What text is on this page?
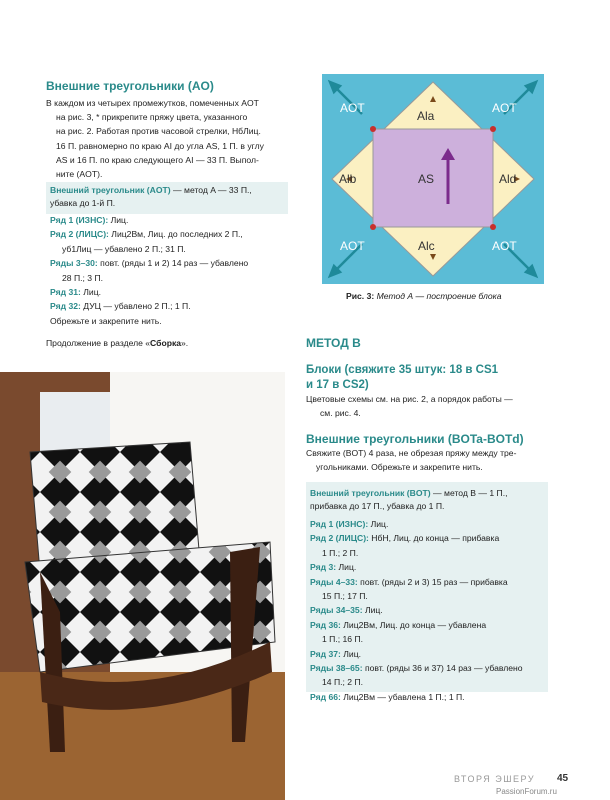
Внешние треугольники (AO)
В каждом из четырех промежутков, помеченных AOT
на рис. 3, * прикрепите пряжу цвета, указанного
на рис. 2. Работая против часовой стрелки, НбЛиц.
16 П. равномерно по краю AI до угла AS, 1 П. в углу
AS и 16 П. по краю следующего AI — 33 П. Выпол-
ните (AOT).
Внешний треугольник (AOT) — метод A — 33 П.,
убавка до 1-й П.
Ряд 1 (ИЗНС): Лиц.
Ряд 2 (ЛИЦС): Лиц2Вм, Лиц. до последних 2 П.,
уб1Лиц — убавлено 2 П.; 31 П.
Ряды 3–30: повт. (ряды 1 и 2) 14 раз — убавлено
28 П.; 3 П.
Ряд 31: Лиц.
Ряд 32: ДУЦ — убавлено 2 П.; 1 П.
Обрежьте и закрепите нить.
Продолжение в разделе «Сборка».
AOT	AOT
AOT	AOT
Ala
Alb	Ald
Alc
AS
Рис. 3: Метод А — построение блока
МЕТОД В
Блоки (свяжите 35 штук: 18 в CS1
и 17 в CS2)
Цветовые схемы см. на рис. 2, а порядок работы —
см. рис. 4.
Внешние треугольники (BOTa-BOTd)
Свяжите (BOT) 4 раза, не обрезая пряжу между тре-
угольниками. Обрежьте и закрепите нить.
Внешний треугольник (BOT) — метод В — 1 П.,
прибавка до 17 П., убавка до 1 П.
Ряд 1 (ИЗНС): Лиц.
Ряд 2 (ЛИЦС): НбН, Лиц. до конца — прибавка
1 П.; 2 П.
Ряд 3: Лиц.
Ряды 4–33: повт. (ряды 2 и 3) 15 раз — прибавка
15 П.; 17 П.
Ряды 34–35: Лиц.
Ряд 36: Лиц2Вм, Лиц. до конца — убавлена
1 П.; 16 П.
Ряд 37: Лиц.
Ряды 38–65: повт. (ряды 36 и 37) 14 раз — убавлено
14 П.; 2 П.
Ряд 66: Лиц2Вм — убавлена 1 П.; 1 П.
ВТОРЯ ЭШЕРУ 45
PassionForum.ru
